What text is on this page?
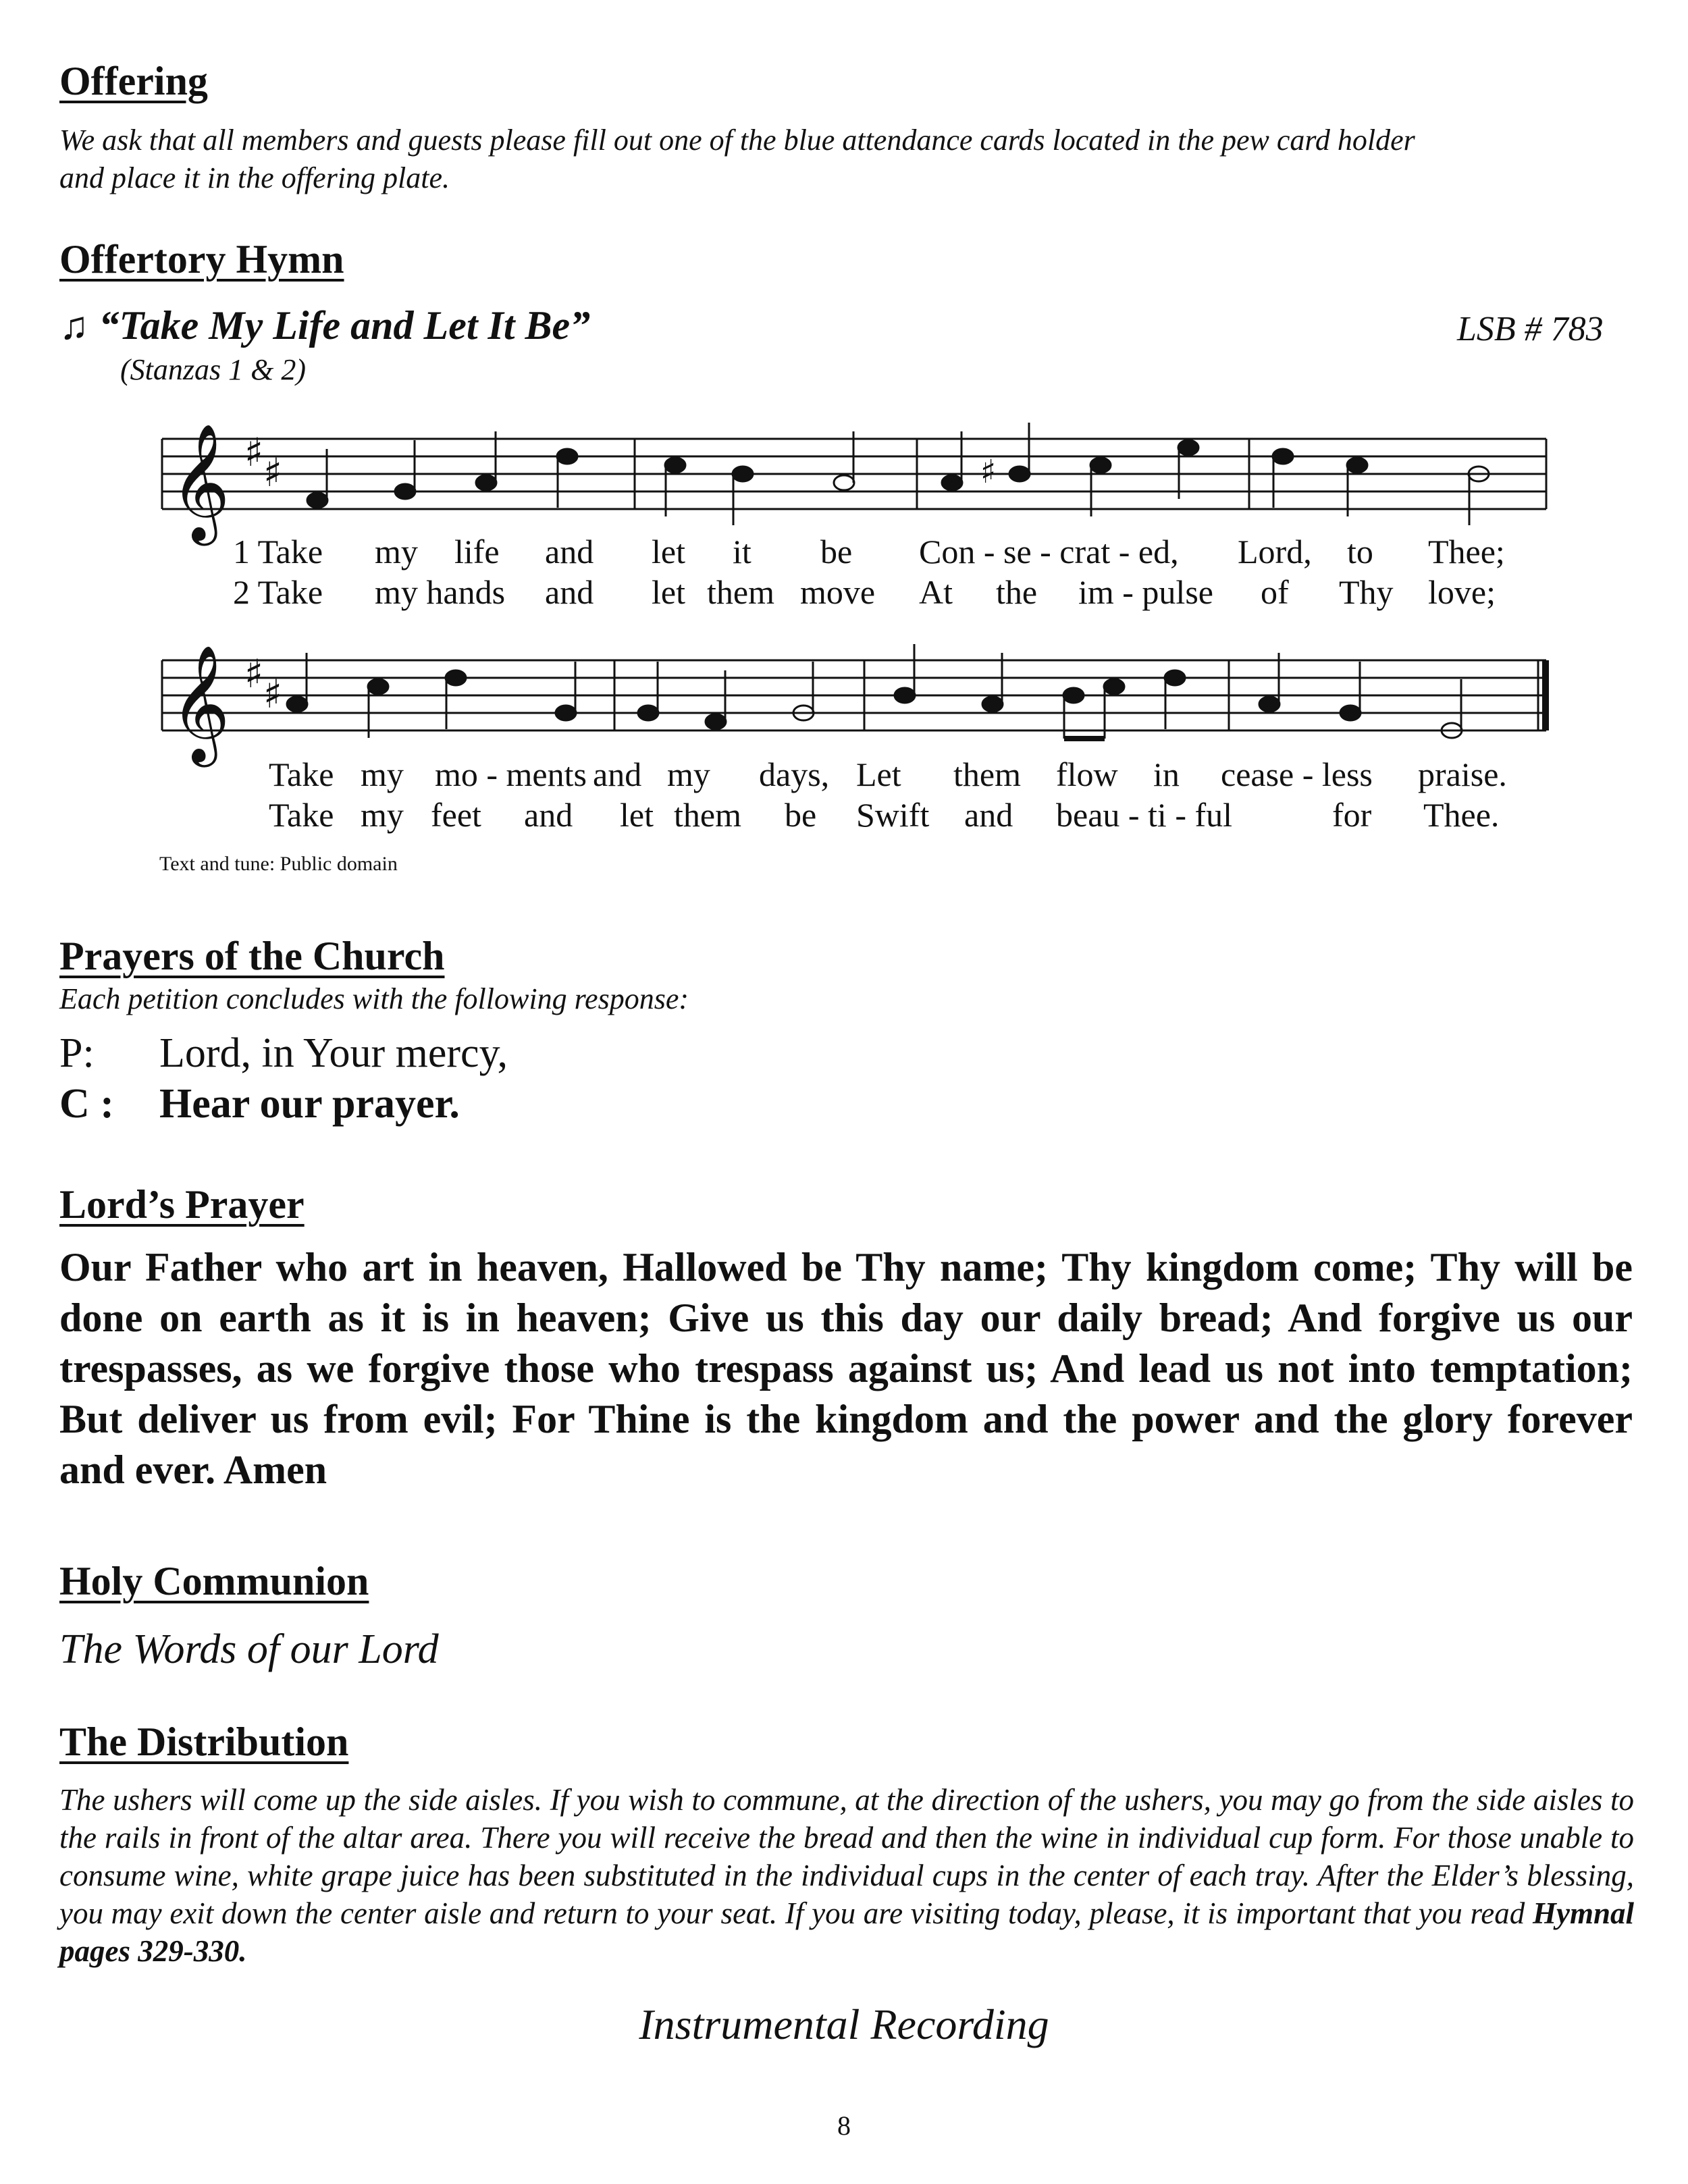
Offering
We ask that all members and guests please fill out one of the blue attendance cards located in the pew card holder
and place it in the offering plate.
Offertory Hymn
♫ “Take My Life and Let It Be”	LSB # 783
(Stanzas 1 & 2)
𝄞 ♯ ♯	♯
1 Take my life and let it be Con - se - crat - ed, Lord, to Thee;
2 Take my hands and let them move At the im - pulse of Thy love;
𝄞 ♯ ♯
Take my mo - ments and my days, Let them flow in cease - less praise.
Take my feet and let them be Swift and beau - ti - ful	for Thee.
Text and tune: Public domain
Prayers of the Church
Each petition concludes with the following response:
P: Lord, in Your mercy,
C : Hear our prayer.
Lord’s Prayer
Our Father who art in heaven, Hallowed be Thy name; Thy kingdom come; Thy will be done on earth as it is in heaven; Give us this day our daily bread; And forgive us our trespasses, as we forgive those who trespass against us; And lead us not into temptation; But deliver us from evil; For Thine is the kingdom and the power and the glory forever and ever. Amen
Holy Communion
The Words of our Lord
The Distribution
The ushers will come up the side aisles. If you wish to commune, at the direction of the ushers, you may go from the side aisles to the rails in front of the altar area. There you will receive the bread and then the wine in individual cup form. For those unable to consume wine, white grape juice has been substituted in the individual cups in the center of each tray. After the Elder’s blessing, you may exit down the center aisle and return to your seat. If you are visiting today, please, it is important that you read Hymnal pages 329-330.
Instrumental Recording
8
